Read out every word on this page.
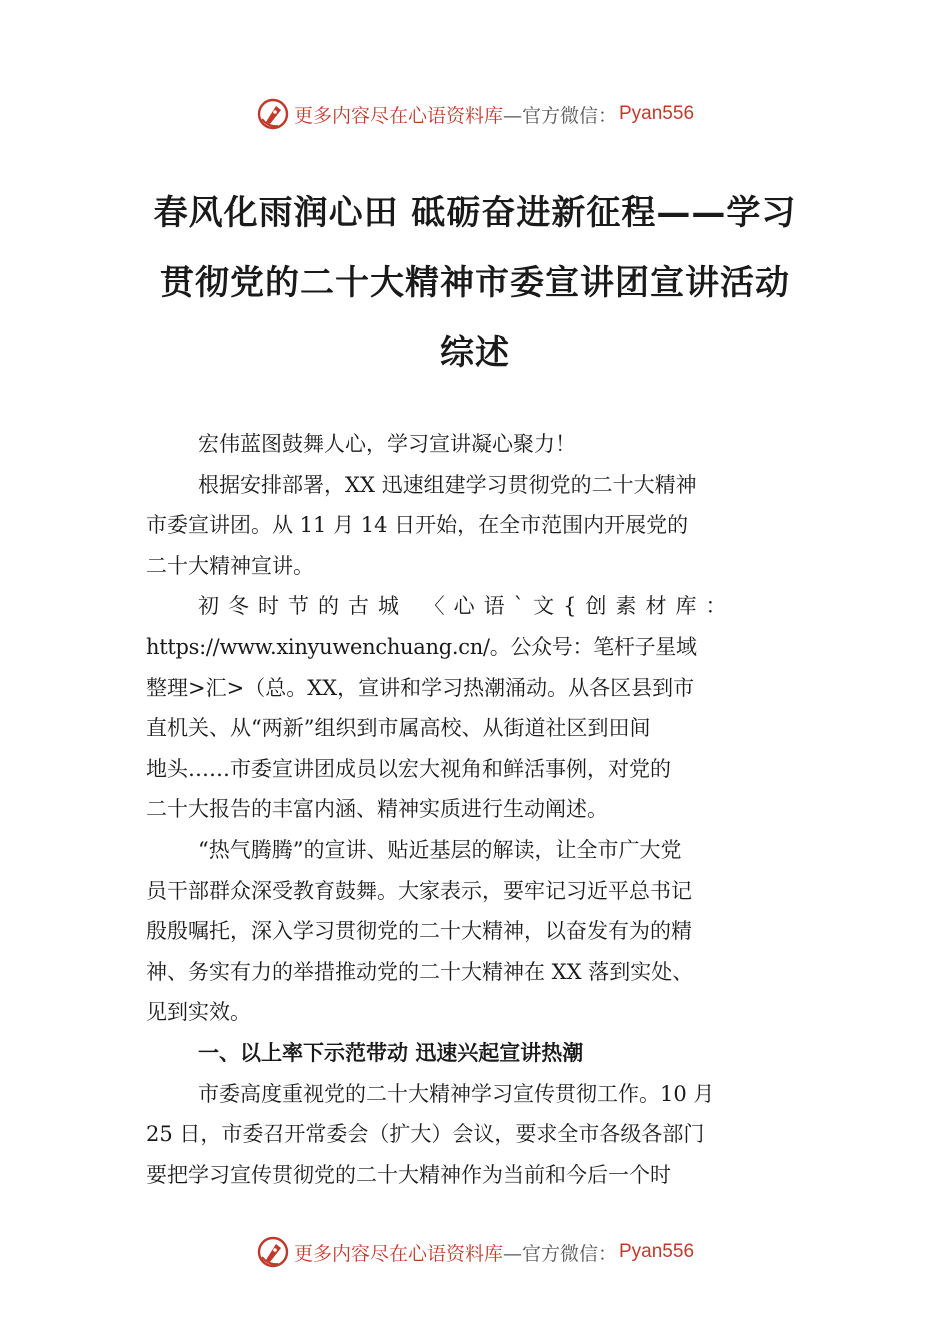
更多内容尽在心语资料库 —官方微信： Pyan556
春风化雨润心田 砥砺奋进新征程——学习
贯彻党的二十大精神市委宣讲团宣讲活动
综述

宏伟蓝图鼓舞人心，学习宣讲凝心聚力！

根据安排部署，XX 迅速组建学习贯彻党的二十大精神

市委宣讲团。从 11 月 14 日开始，在全市范围内开展党的
二十大精神宣讲。

初冬时节的古城 〈心语`文{创素材库：

https://www.xinyuwenchuang.cn/。公众号：笔杆子星域
整理>汇>（总。XX，宣讲和学习热潮涌动。从各区县到市
直机关、从“两新”组织到市属高校、从街道社区到田间
地头……市委宣讲团成员以宏大视角和鲜活事例，对党的
二十大报告的丰富内涵、精神实质进行生动阐述。

“热气腾腾”的宣讲、贴近基层的解读，让全市广大党

员干部群众深受教育鼓舞。大家表示，要牢记习近平总书记
殷殷嘱托，深入学习贯彻党的二十大精神，以奋发有为的精
神、务实有力的举措推动党的二十大精神在 XX 落到实处、
见到实效。

一、以上率下示范带动 迅速兴起宣讲热潮

市委高度重视党的二十大精神学习宣传贯彻工作。10 月

25 日，市委召开常委会（扩大）会议，要求全市各级各部门
要把学习宣传贯彻党的二十大精神作为当前和今后一个时

更多内容尽在心语资料库 —官方微信： Pyan556
